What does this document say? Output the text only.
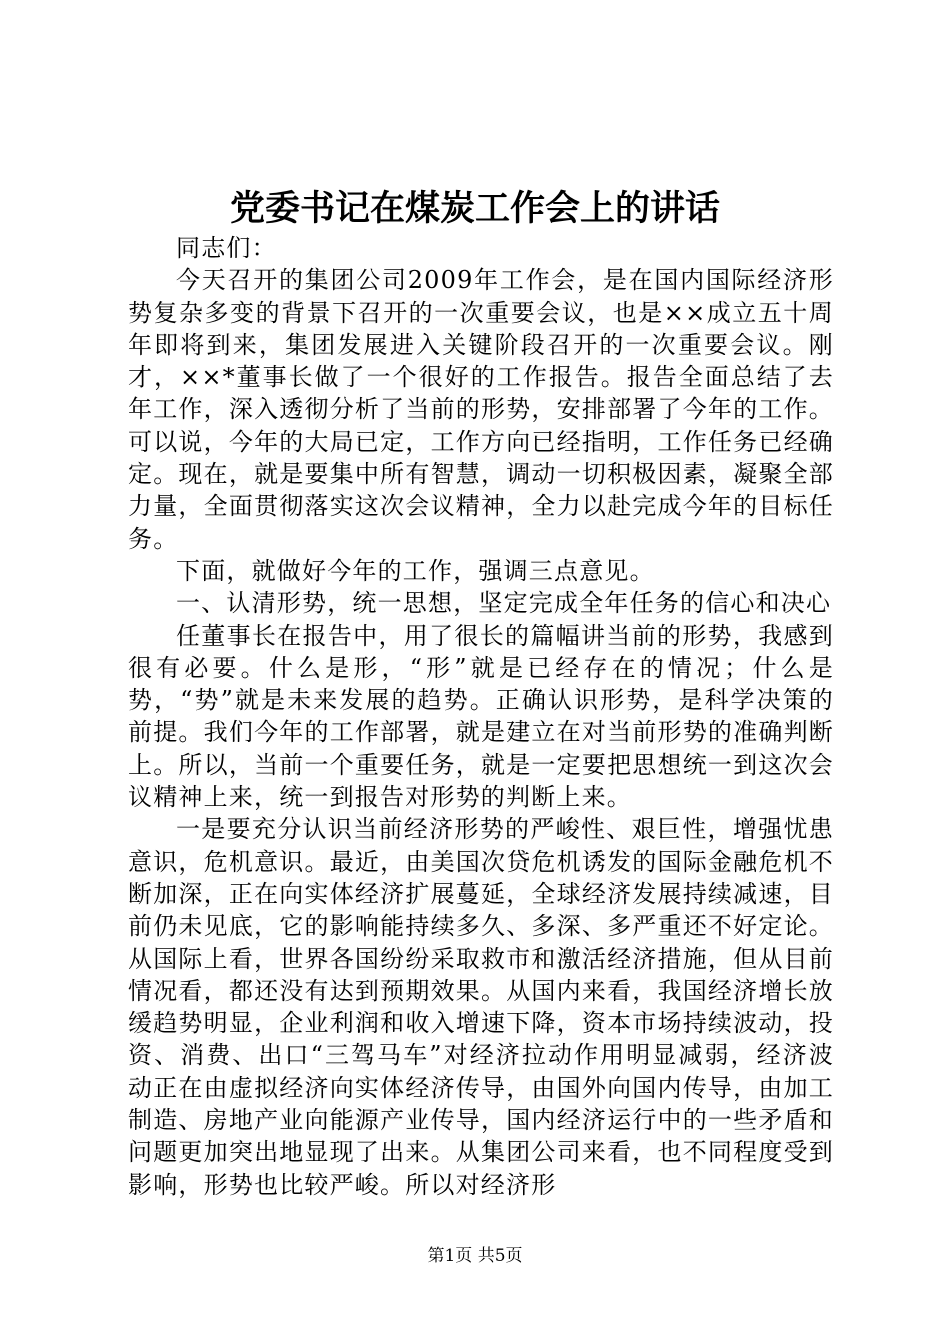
党委书记在煤炭工作会上的讲话

同志们：

今天召开的集团公司2009年工作会，是在国内国际经济形势复杂多变的背景下召开的一次重要会议，也是××成立五十周年即将到来，集团发展进入关键阶段召开的一次重要会议。刚才，××*董事长做了一个很好的工作报告。报告全面总结了去年工作，深入透彻分析了当前的形势，安排部署了今年的工作。可以说，今年的大局已定，工作方向已经指明，工作任务已经确定。现在，就是要集中所有智慧，调动一切积极因素，凝聚全部力量，全面贯彻落实这次会议精神，全力以赴完成今年的目标任务。

下面，就做好今年的工作，强调三点意见。

一、认清形势，统一思想，坚定完成全年任务的信心和决心

任董事长在报告中，用了很长的篇幅讲当前的形势，我感到很有必要。什么是形，“形”就是已经存在的情况；什么是势，“势”就是未来发展的趋势。正确认识形势，是科学决策的前提。我们今年的工作部署，就是建立在对当前形势的准确判断上。所以，当前一个重要任务，就是一定要把思想统一到这次会议精神上来，统一到报告对形势的判断上来。

一是要充分认识当前经济形势的严峻性、艰巨性，增强忧患意识，危机意识。最近，由美国次贷危机诱发的国际金融危机不断加深，正在向实体经济扩展蔓延，全球经济发展持续减速，目前仍未见底，它的影响能持续多久、多深、多严重还不好定论。从国际上看，世界各国纷纷采取救市和激活经济措施，但从目前情况看，都还没有达到预期效果。从国内来看，我国经济增长放缓趋势明显，企业利润和收入增速下降，资本市场持续波动，投资、消费、出口“三驾马车”对经济拉动作用明显减弱，经济波动正在由虚拟经济向实体经济传导，由国外向国内传导，由加工制造、房地产业向能源产业传导，国内经济运行中的一些矛盾和问题更加突出地显现了出来。从集团公司来看，也不同程度受到影响，形势也比较严峻。所以对经济形

第1页 共5页
